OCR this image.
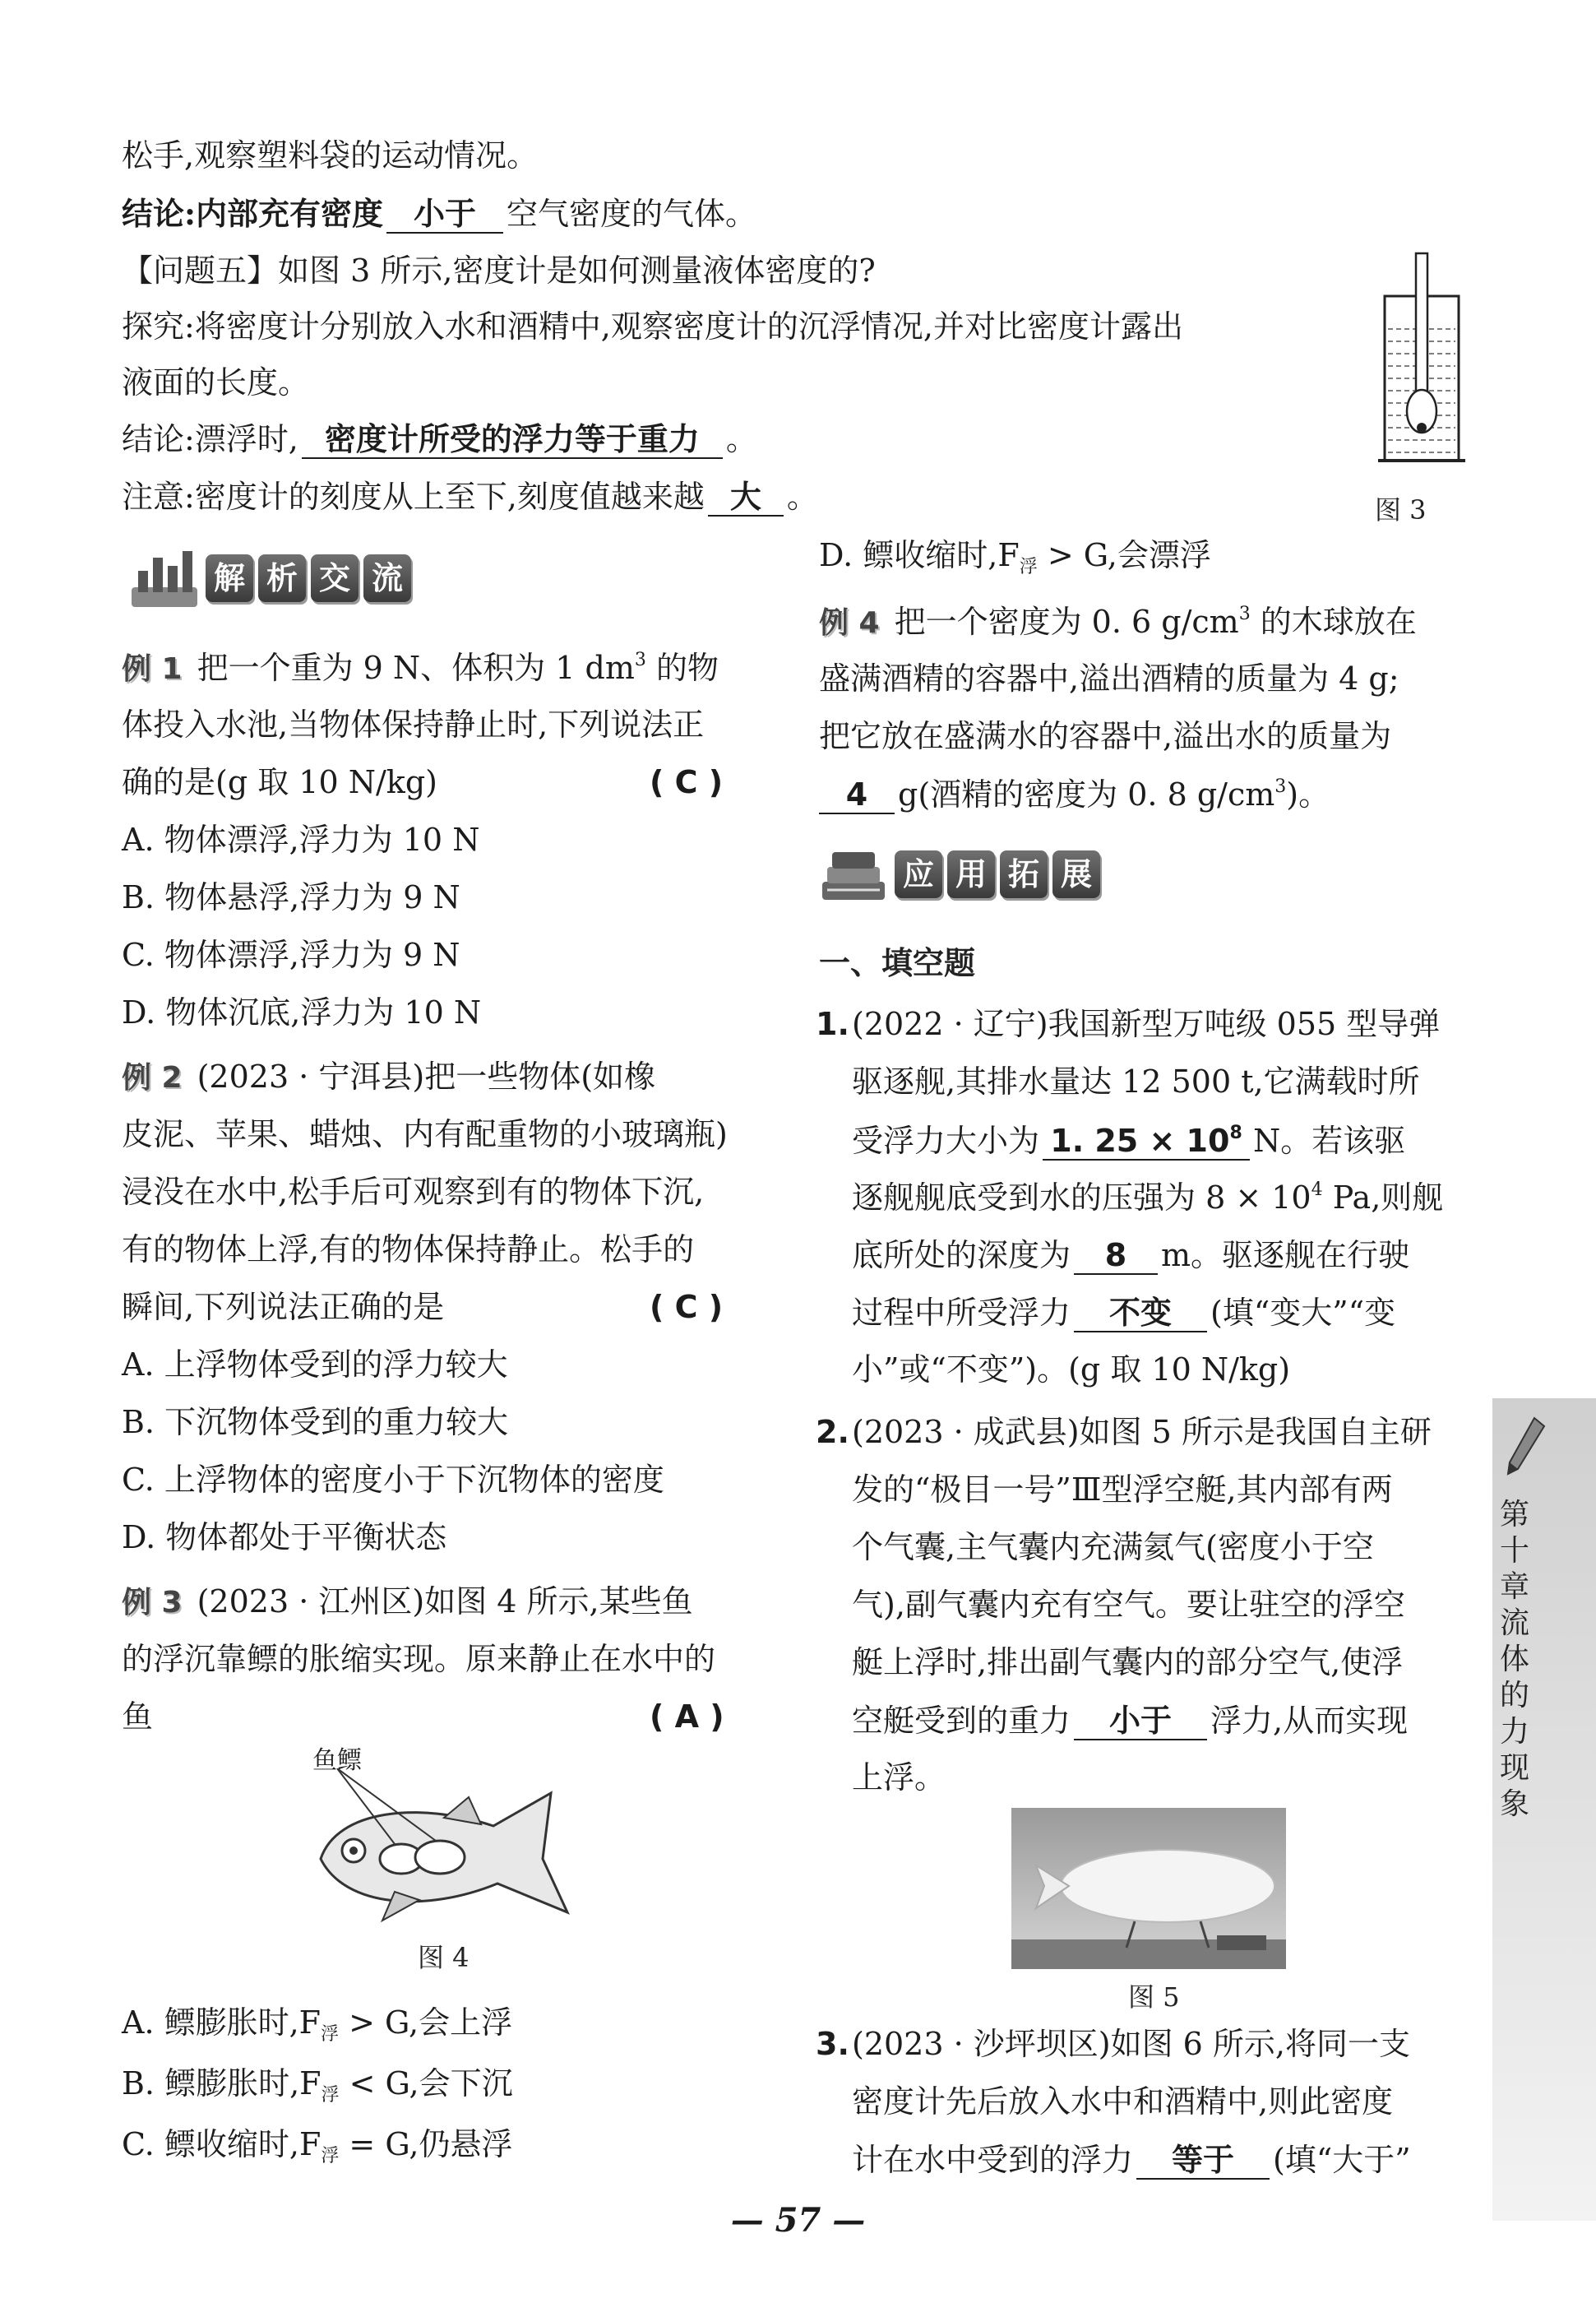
松手,观察塑料袋的运动情况。
结论:内部充有密度 小于 空气密度的气体。
【问题五】如图 3 所示,密度计是如何测量液体密度的?
探究:将密度计分别放入水和酒精中,观察密度计的沉浮情况,并对比密度计露出
液面的长度。
结论:漂浮时, 密度计所受的浮力等于重力 。
注意:密度计的刻度从上至下,刻度值越来越 大 。	图 3
解 析 交 流
例 1 把一个重为 9 N、体积为 1 $dm^3$ 的物
体投入水池,当物体保持静止时,下列说法正
确的是(g 取 10 N/kg)	( C )
A. 物体漂浮,浮力为 10 N
B. 物体悬浮,浮力为 9 N
C. 物体漂浮,浮力为 9 N
D. 物体沉底,浮力为 10 N
例 2 (2023 · 宁洱县)把一些物体(如橡
皮泥、苹果、蜡烛、内有配重物的小玻璃瓶)
浸没在水中,松手后可观察到有的物体下沉,
有的物体上浮,有的物体保持静止。松手的
瞬间,下列说法正确的是	( C )
A. 上浮物体受到的浮力较大
B. 下沉物体受到的重力较大
C. 上浮物体的密度小于下沉物体的密度
D. 物体都处于平衡状态
例 3 (2023 · 江州区)如图 4 所示,某些鱼
的浮沉靠鳔的胀缩实现。原来静止在水中的
鱼	( A )
鱼鳔
图 4
A. 鳔膨胀时$,F_浮 > G$,会上浮
B. 鳔膨胀时$,F_浮 < G$,会下沉
C. 鳔收缩时$,F_浮 = G$,仍悬浮
D. 鳔收缩时$,F_浮 > G$,会漂浮
例 4 把一个密度为 0. 6 $g/cm^3$ 的木球放在
盛满酒精的容器中,溢出酒精的质量为 4 g;
把它放在盛满水的容器中,溢出水的质量为
4 g(酒精的密度为 0. 8 $g/cm^3$)。
应 用 拓 展
一、填空题
1. (2022 · 辽宁)我国新型万吨级 055 型导弹
驱逐舰,其排水量达 12 500 t,它满载时所
受浮力大小为 1. $25 \times 10^8$ N。若该驱
逐舰舰底受到水的压强为 $8 \times 10^4$ Pa,则舰
底所处的深度为 8 m。驱逐舰在行驶
过程中所受浮力 不变 (填“变大”“变
小”或“不变”)。(g 取 10 N/kg)
2. (2023 · 成武县)如图 5 所示是我国自主研
发的“极目一号”Ⅲ型浮空艇,其内部有两
个气囊,主气囊内充满氦气(密度小于空
气),副气囊内充有空气。要让驻空的浮空
艇上浮时,排出副气囊内的部分空气,使浮
空艇受到的重力 小于 浮力,从而实现
上浮。
图 5
3. (2023 · 沙坪坝区)如图 6 所示,将同一支
密度计先后放入水中和酒精中,则此密度
计在水中受到的浮力 等于 (填“大于”
第十章 流体的力现象
— 57 —
